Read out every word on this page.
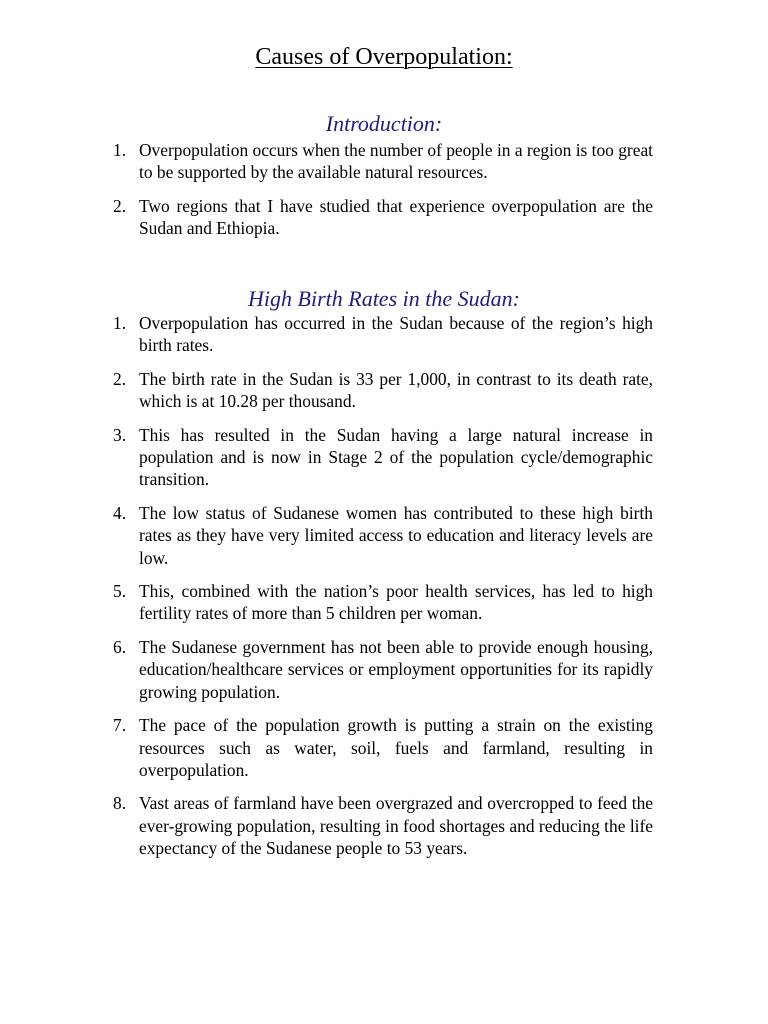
Causes of Overpopulation:
Introduction:
1. Overpopulation occurs when the number of people in a region is too great to be supported by the available natural resources.
2. Two regions that I have studied that experience overpopulation are the Sudan and Ethiopia.
High Birth Rates in the Sudan:
1. Overpopulation has occurred in the Sudan because of the region’s high birth rates.
2. The birth rate in the Sudan is 33 per 1,000, in contrast to its death rate, which is at 10.28 per thousand.
3. This has resulted in the Sudan having a large natural increase in population and is now in Stage 2 of the population cycle/demographic transition.
4. The low status of Sudanese women has contributed to these high birth rates as they have very limited access to education and literacy levels are low.
5. This, combined with the nation’s poor health services, has led to high fertility rates of more than 5 children per woman.
6. The Sudanese government has not been able to provide enough housing, education/healthcare services or employment opportunities for its rapidly growing population.
7. The pace of the population growth is putting a strain on the existing resources such as water, soil, fuels and farmland, resulting in overpopulation.
8. Vast areas of farmland have been overgrazed and overcropped to feed the ever-growing population, resulting in food shortages and reducing the life expectancy of the Sudanese people to 53 years.
